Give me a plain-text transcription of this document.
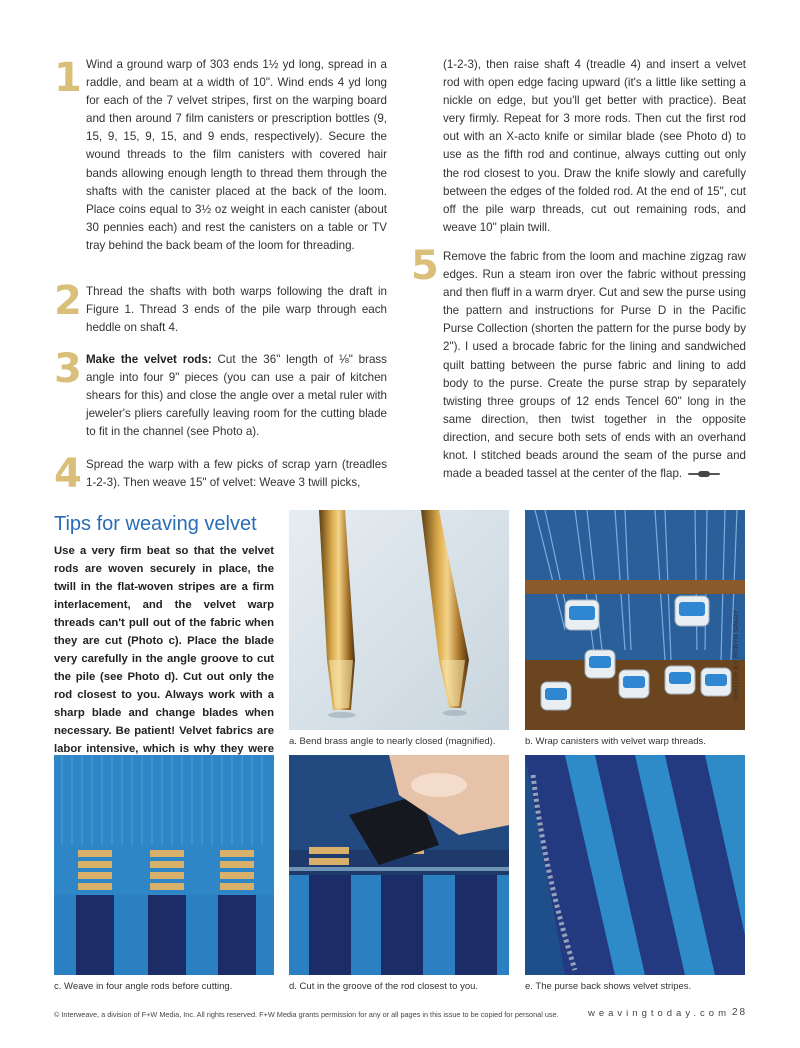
1 Wind a ground warp of 303 ends 1½ yd long, spread in a raddle, and beam at a width of 10". Wind ends 4 yd long for each of the 7 velvet stripes, first on the warping board and then around 7 film canisters or prescription bottles (9, 15, 9, 15, 9, 15, and 9 ends, respectively). Secure the wound threads to the film canisters with covered hair bands allowing enough length to thread them through the shafts with the canister placed at the back of the loom. Place coins equal to 3½ oz weight in each canister (about 30 pennies each) and rest the canisters on a table or TV tray behind the back beam of the loom for threading.

2 Thread the shafts with both warps following the draft in Figure 1. Thread 3 ends of the pile warp through each heddle on shaft 4.

3 Make the velvet rods: Cut the 36" length of ⅛" brass angle into four 9" pieces (you can use a pair of kitchen shears for this) and close the angle over a metal ruler with jeweler's pliers carefully leaving room for the cutting blade to fit in the channel (see Photo a).

4 Spread the warp with a few picks of scrap yarn (treadles 1-2-3). Then weave 15" of velvet: Weave 3 twill picks,

(1-2-3), then raise shaft 4 (treadle 4) and insert a velvet rod with open edge facing upward (it's a little like setting a nickle on edge, but you'll get better with practice). Beat very firmly. Repeat for 3 more rods. Then cut the first rod out with an X-acto knife or similar blade (see Photo d) to use as the fifth rod and continue, always cutting out only the rod closest to you. Draw the knife slowly and carefully between the edges of the folded rod. At the end of 15", cut off the pile warp threads, cut out remaining rods, and weave 10" plain twill.

5 Remove the fabric from the loom and machine zigzag raw edges. Run a steam iron over the fabric without pressing and then fluff in a warm dryer. Cut and sew the purse using the pattern and instructions for Purse D in the Pacific Purse Collection (shorten the pattern for the purse body by 2"). I used a brocade fabric for the lining and sandwiched quilt batting between the purse fabric and lining to add body to the purse. Create the purse strap by separately twisting three groups of 12 ends Tencel 60" long in the same direction, then twist together in the opposite direction, and secure both sets of ends with an overhand knot. I stitched beads around the seam of the purse and made a beaded tassel at the center of the flap.

Tips for weaving velvet

Use a very firm beat so that the velvet rods are woven securely in place, the twill in the flat-woven stripes are a firm interlacement, and the velvet warp threads can't pull out of the fabric when they are cut (Photo c). Place the blade very carefully in the angle groove to cut the pile (see Photo d). Cut out only the rod closest to you. Always work with a sharp blade and change blades when necessary. Be patient! Velvet fabrics are labor intensive, which is why they were

a. Bend brass angle to nearly closed (magnified).	b. Wrap canisters with velvet warp threads.

PHOTOS BY ROBYN SPADY

c. Weave in four angle rods before cutting.	d. Cut in the groove of the rod closest to you.	e. The purse back shows velvet stripes.

© Interweave, a division of F+W Media, Inc. All rights reserved. F+W Media grants permission for any or all pages in this issue to be copied for personal use.	weavingtoday.com 28
